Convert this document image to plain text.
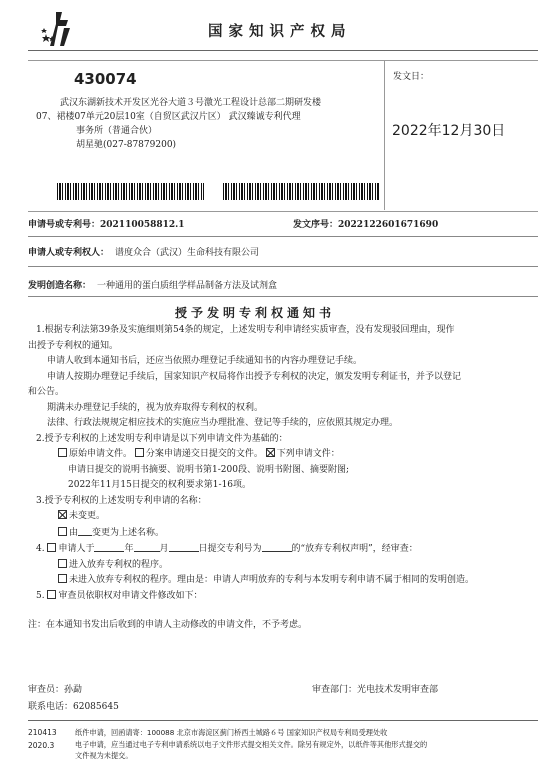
国家知识产权局
430074
武汉东湖新技术开发区光谷大道３号激光工程设计总部二期研发楼
07、裙楼07单元20层10室（自贸区武汉片区） 武汉臻诚专利代理
事务所（普通合伙）
胡星驰(027-87879200)
发文日：
2022年12月30日
申请号或专利号：202110058812.1	发文序号：2022122601671690
申请人或专利权人： 谱度众合（武汉）生命科技有限公司
发明创造名称： 一种通用的蛋白质组学样品制备方法及试剂盒
授予发明专利权通知书
1.根据专利法第39条及实施细则第54条的规定，上述发明专利申请经实质审查，没有发现驳回理由，现作
出授予专利权的通知。
申请人收到本通知书后，还应当依照办理登记手续通知书的内容办理登记手续。
申请人按期办理登记手续后，国家知识产权局将作出授予专利权的决定，颁发发明专利证书，并予以登记
和公告。
期满未办理登记手续的，视为放弃取得专利权的权利。
法律、行政法规规定相应技术的实施应当办理批准、登记等手续的，应依照其规定办理。
2.授予专利权的上述发明专利申请是以下列申请文件为基础的：
原始申请文件。 分案申请递交日提交的文件。 下列申请文件：
申请日提交的说明书摘要、说明书第1-200段、说明书附图、摘要附图;
2022年11月15日提交的权利要求第1-16项。
3.授予专利权的上述发明专利申请的名称：
未变更。
由 变更为上述名称。
4. 申请人于	年	月	日提交专利号为	的“放弃专利权声明”，经审查：
进入放弃专利权的程序。
未进入放弃专利权的程序。理由是：申请人声明放弃的专利与本发明专利申请不属于相同的发明创造。
5. 审查员依职权对申请文件修改如下：
注：在本通知书发出后收到的申请人主动修改的申请文件，不予考虑。
审查员：孙勐
联系电话：62085645
审查部门：光电技术发明审查部
210413
2020.3
纸件申请，回函请寄：100088 北京市海淀区蓟门桥西土城路６号 国家知识产权局专利局受理处收
电子申请，应当通过电子专利申请系统以电子文件形式提交相关文件。除另有规定外，以纸件等其他形式提交的
文件视为未提交。
